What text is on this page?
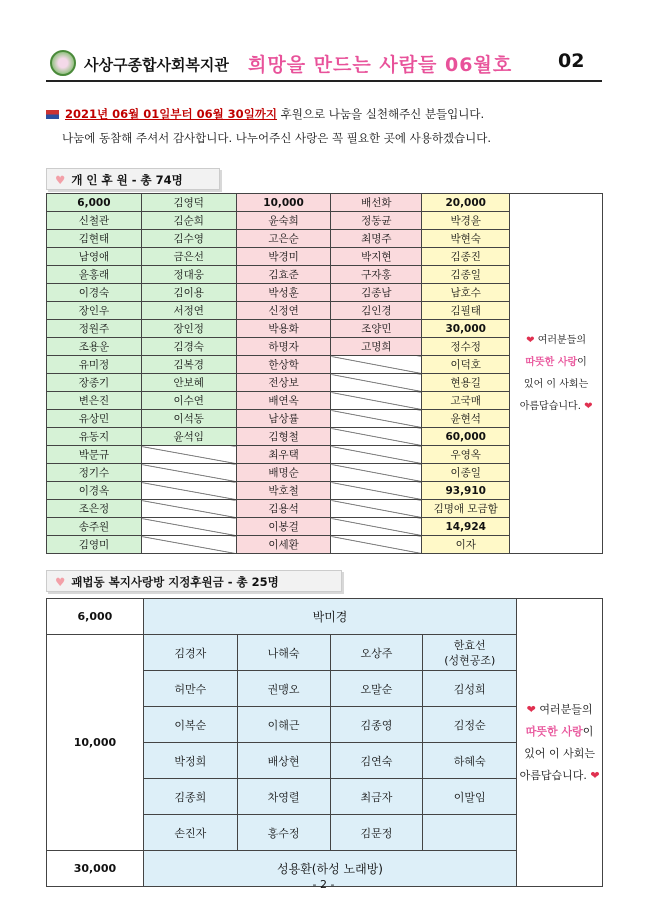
사상구종합사회복지관 희망을 만드는 사람들 06월호 02
2021년 06월 01일부터 06월 30일까지 후원으로 나눔을 실천해주신 분들입니다.
나눔에 동참해 주셔서 감사합니다. 나누어주신 사랑은 꼭 필요한 곳에 사용하겠습니다.
♥ 개 인 후 원 - 총 74명
6,000	김영덕	10,000	배선화	20,000	❤ 여러분들의
따뜻한 사랑이
있어 이 사회는
아름답습니다. ❤
신철관	김순희	윤숙희	정동균	박경윤	
김현태	김수영	고은순	최명주	박현숙	
남영애	금은선	박경미	박지현	김종진	
윤홍래	정대웅	김효준	구자홍	김종일	
이경숙	김이용	박성훈	김종남	남호수	
장인우	서정연	신정연	김인경	김필태	
정원주	장인정	박용화	조양민	30,000	
조용운	김경숙	하명자	고명희	정수정	
유미정	김복경	한상학		이덕호	
장종기	안보혜	전상보		현용길	
변은진	이수연	배연옥		고국매	
유상민	이석동	남상률		윤현석	
유동지	윤석임	김형철		60,000	
박문규		최우택		우영옥	
정기수		배명순		이종일	
이경옥		박호철		93,910	
조은정		김용석		김명애 모금함	
송주원		이봉걸		14,924	
김영미		이세환		이자	
♥ 괘법동 복지사랑방 지정후원금 - 총 25명
6,000	박미경				❤ 여러분들의
따뜻한 사랑이
있어 이 사회는
아름답습니다. ❤
10,000	김경자	나해숙	오상주	한효선
(성현공조)	
	허만수	권맹오	오말순	김성희	
	이복순	이해근	김종영	김정순	
	박정희	배상현	김연숙	하혜숙	
	김종희	차영렬	최금자	이말임	
	손진자	홍수정	김문정		
30,000	성용환(하성 노래방)				
- 2 -
